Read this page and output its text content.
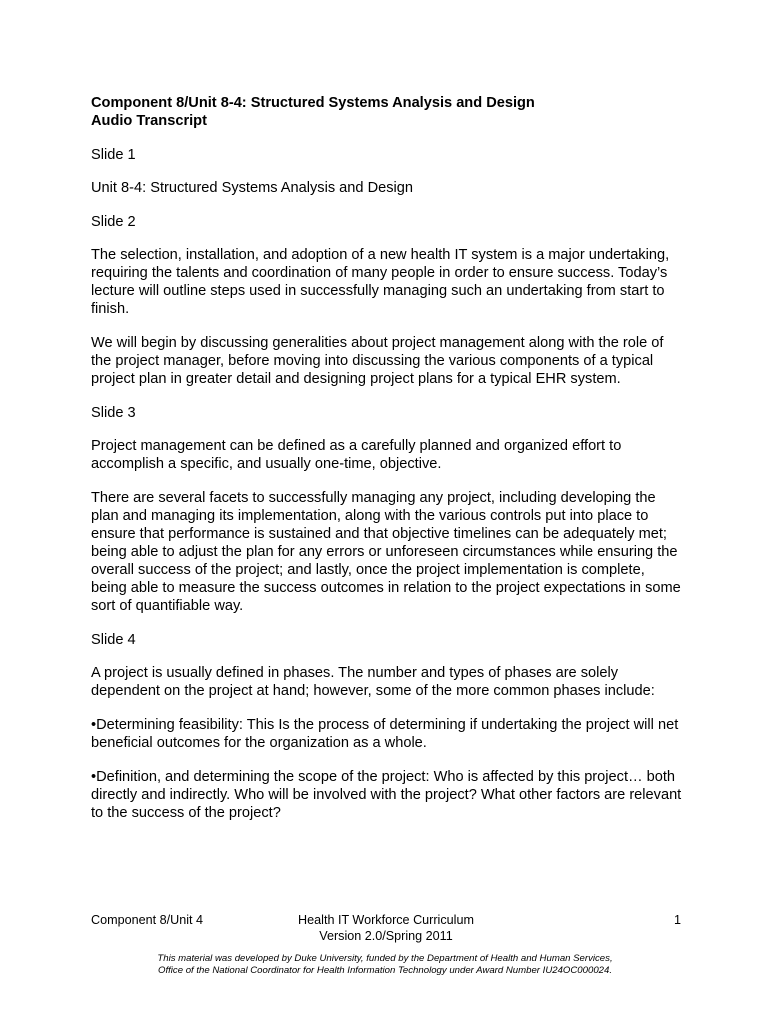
Component 8/Unit 8-4: Structured Systems Analysis and Design
Audio Transcript
Slide 1
Unit 8-4: Structured Systems Analysis and Design
Slide 2
The selection, installation, and adoption of a new health IT system is a major undertaking, requiring the talents and coordination of many people in order to ensure success. Today’s lecture will outline steps used in successfully managing such an undertaking from start to finish.
We will begin by discussing generalities about project management along with the role of the project manager, before moving into discussing the various components of a typical project plan in greater detail and designing project plans for a typical EHR system.
Slide 3
Project management can be defined as a carefully planned and organized effort to accomplish a specific, and usually one-time, objective.
There are several facets to successfully managing any project, including developing the plan and managing its implementation, along with the various controls put into place to ensure that performance is sustained and that objective timelines can be adequately met; being able to adjust the plan for any errors or unforeseen circumstances while ensuring the overall success of the project; and lastly, once the project implementation is complete, being able to measure the success outcomes in relation to the project expectations in some sort of quantifiable way.
Slide 4
A project is usually defined in phases. The number and types of phases are solely dependent on the project at hand; however, some of the more common phases include:
•Determining feasibility: This Is the process of determining if undertaking the project will net beneficial outcomes for the organization as a whole.
•Definition, and determining the scope of the project: Who is affected by this project… both directly and indirectly. Who will be involved with the project? What other factors are relevant to the success of the project?
Component 8/Unit 4	Health IT Workforce Curriculum
Version 2.0/Spring 2011
1
This material was developed by Duke University, funded by the Department of Health and Human Services,
Office of the National Coordinator for Health Information Technology under Award Number IU24OC000024.
